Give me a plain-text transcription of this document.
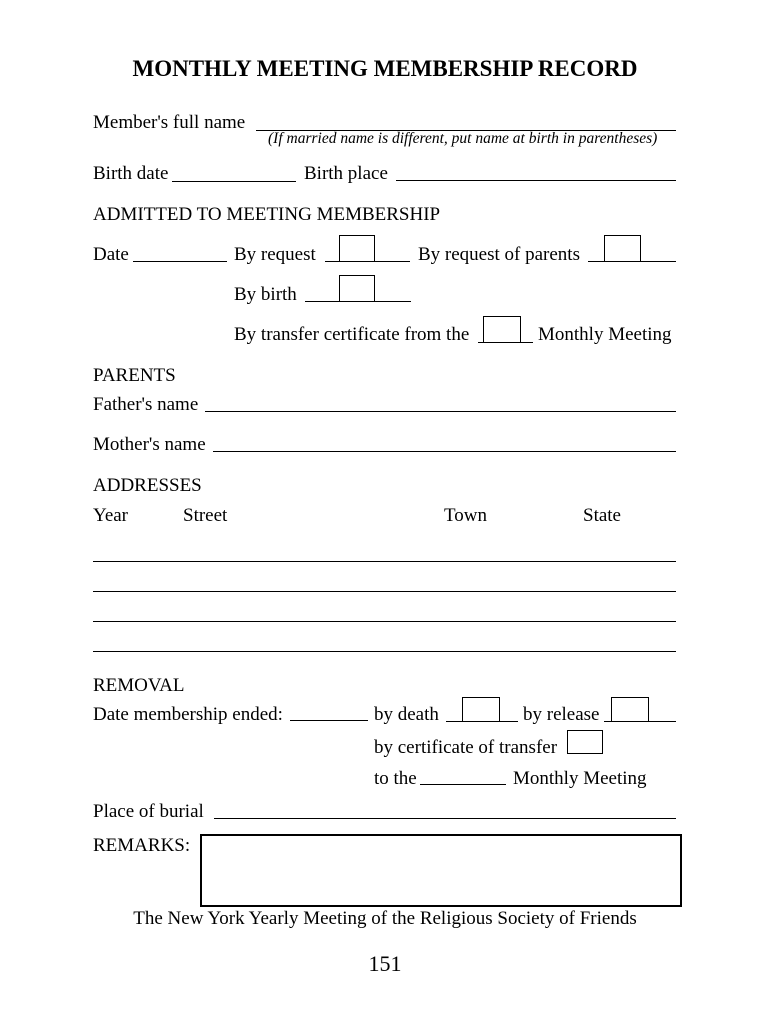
MONTHLY MEETING MEMBERSHIP RECORD
Member's full name
(If married name is different, put name at birth in parentheses)
Birth date	Birth place
ADMITTED TO MEETING MEMBERSHIP
Date	By request	By request of parents
By birth
By transfer certificate from the	Monthly Meeting
PARENTS
Father's name
Mother's name
ADDRESSES
Year	Street	Town	State
REMOVAL
Date membership ended:	by death	by release
by certificate of transfer
to the	Monthly Meeting
Place of burial
REMARKS:
The New York Yearly Meeting of the Religious Society of Friends
151
